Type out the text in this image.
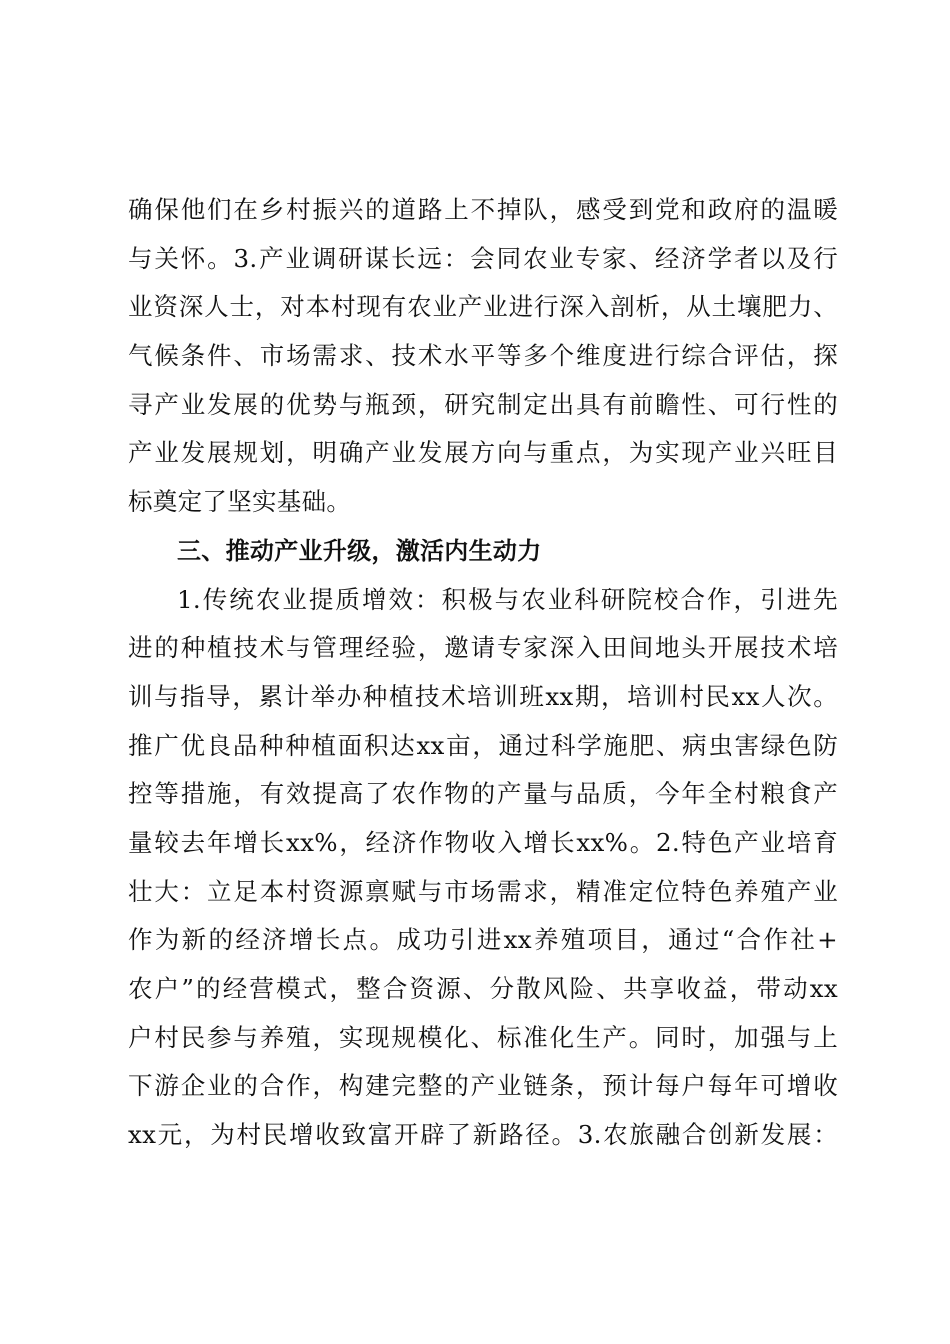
确保他们在乡村振兴的道路上不掉队，感受到党和政府的温暖
与关怀。3.产业调研谋长远：会同农业专家、经济学者以及行
业资深人士，对本村现有农业产业进行深入剖析，从土壤肥力、
气候条件、市场需求、技术水平等多个维度进行综合评估，探
寻产业发展的优势与瓶颈，研究制定出具有前瞻性、可行性的
产业发展规划，明确产业发展方向与重点，为实现产业兴旺目
标奠定了坚实基础。
三、推动产业升级，激活内生动力
1.传统农业提质增效：积极与农业科研院校合作，引进先
进的种植技术与管理经验，邀请专家深入田间地头开展技术培
训与指导，累计举办种植技术培训班xx期，培训村民xx人次。
推广优良品种种植面积达xx亩，通过科学施肥、病虫害绿色防
控等措施，有效提高了农作物的产量与品质，今年全村粮食产
量较去年增长xx%，经济作物收入增长xx%。2.特色产业培育
壮大：立足本村资源禀赋与市场需求，精准定位特色养殖产业
作为新的经济增长点。成功引进xx养殖项目，通过“合作社+
农户”的经营模式，整合资源、分散风险、共享收益，带动xx
户村民参与养殖，实现规模化、标准化生产。同时，加强与上
下游企业的合作，构建完整的产业链条，预计每户每年可增收
xx元，为村民增收致富开辟了新路径。3.农旅融合创新发展：
